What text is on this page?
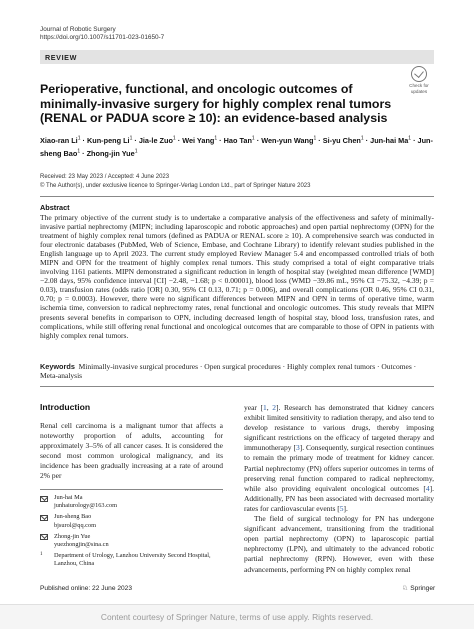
Journal of Robotic Surgery
https://doi.org/10.1007/s11701-023-01650-7
REVIEW
Check for
updates
Perioperative, functional, and oncologic outcomes of minimally-invasive surgery for highly complex renal tumors (RENAL or PADUA score ≥ 10): an evidence-based analysis
Xiao-ran $Li^1$ · Kun-peng $Li^1 \cdot Jia-le$ Zuo$^1$ · Wei Yang$^1$ · Hao Tan$^1$ · Wen-yun Wang$^1$ · Si-yu Chen$^1$ · Jun-hai $Ma^1$ · Jun-sheng Bao$^1$ · Zhong-jin Yue$^1$
Received: 23 May 2023 / Accepted: 4 June 2023
© The Author(s), under exclusive licence to Springer-Verlag London Ltd., part of Springer Nature 2023
Abstract

The primary objective of the current study is to undertake a comparative analysis of the effectiveness and safety of minimally-invasive partial nephrectomy (MIPN; including laparoscopic and robotic approaches) and open partial nephrectomy (OPN) for the treatment of highly complex renal tumors (defined as PADUA or RENAL score ≥ 10). A comprehensive search was conducted in four electronic databases (PubMed, Web of Science, Embase, and Cochrane Library) to identify relevant studies published in the English language up to April 2023. The current study employed Review Manager 5.4 and encompassed controlled trials of both MIPN and OPN for the treatment of highly complex renal tumors. This study comprised a total of eight comparative trials involving 1161 patients. MIPN demonstrated a significant reduction in length of hospital stay (weighted mean difference [WMD] −2.08 days, 95% confidence interval [CI] −2.48, −1.68; p < 0.00001), blood loss (WMD −39.86 mL, 95% CI −75.32, −4.39; p = 0.03), transfusion rates (odds ratio [OR] 0.30, 95% CI 0.13, 0.71; p = 0.006), and overall complications (OR 0.46, 95% CI 0.31, 0.70; p = 0.0003). However, there were no significant differences between MIPN and OPN in terms of operative time, warm ischemia time, conversion to radical nephrectomy rates, renal functional and oncologic outcomes. This study reveals that MIPN presents several benefits in comparison to OPN, including decreased length of hospital stay, blood loss, transfusion rates, and complications, while still offering renal functional and oncological outcomes that are comparable to those of OPN in patients with highly complex renal tumors.

Keywords Minimally-invasive surgical procedures · Open surgical procedures · Highly complex renal tumors · Outcomes · Meta-analysis

Introduction

Renal cell carcinoma is a malignant tumor that affects a noteworthy proportion of adults, accounting for approximately 3–5% of all cancer cases. It is considered the second most common urological malignancy, and its incidence has been gradually increasing at a rate of around 2% per

year [1, 2]. Research has demonstrated that kidney cancers exhibit limited sensitivity to radiation therapy, and also tend to develop resistance to various drugs, thereby imposing significant restrictions on the efficacy of targeted therapy and immunotherapy [3]. Consequently, surgical resection continues to remain the primary mode of treatment for kidney cancer. Partial nephrectomy (PN) offers superior outcomes in terms of preserving renal function compared to radical nephrectomy, while also providing equivalent oncological outcomes [4]. Additionally, PN has been associated with decreased mortality rates for cardiovascular events [5].

The field of surgical technology for PN has undergone significant advancement, transitioning from the traditional open partial nephrectomy (OPN) to laparoscopic partial nephrectomy (LPN), and ultimately to the advanced robotic partial nephrectomy (RPN). However, even with these advancements, performing PN on highly complex renal

Jun-hai Ma
junhaiurology@163.com
Jun-sheng Bao
bjsurol@qq.com
Zhong-jin Yue
yuezhongjin@sina.cn
1 Department of Urology, Lanzhou University Second Hospital, Lanzhou, China
Published online: 22 June 2023	♘ Springer
Content courtesy of Springer Nature, terms of use apply. Rights reserved.
